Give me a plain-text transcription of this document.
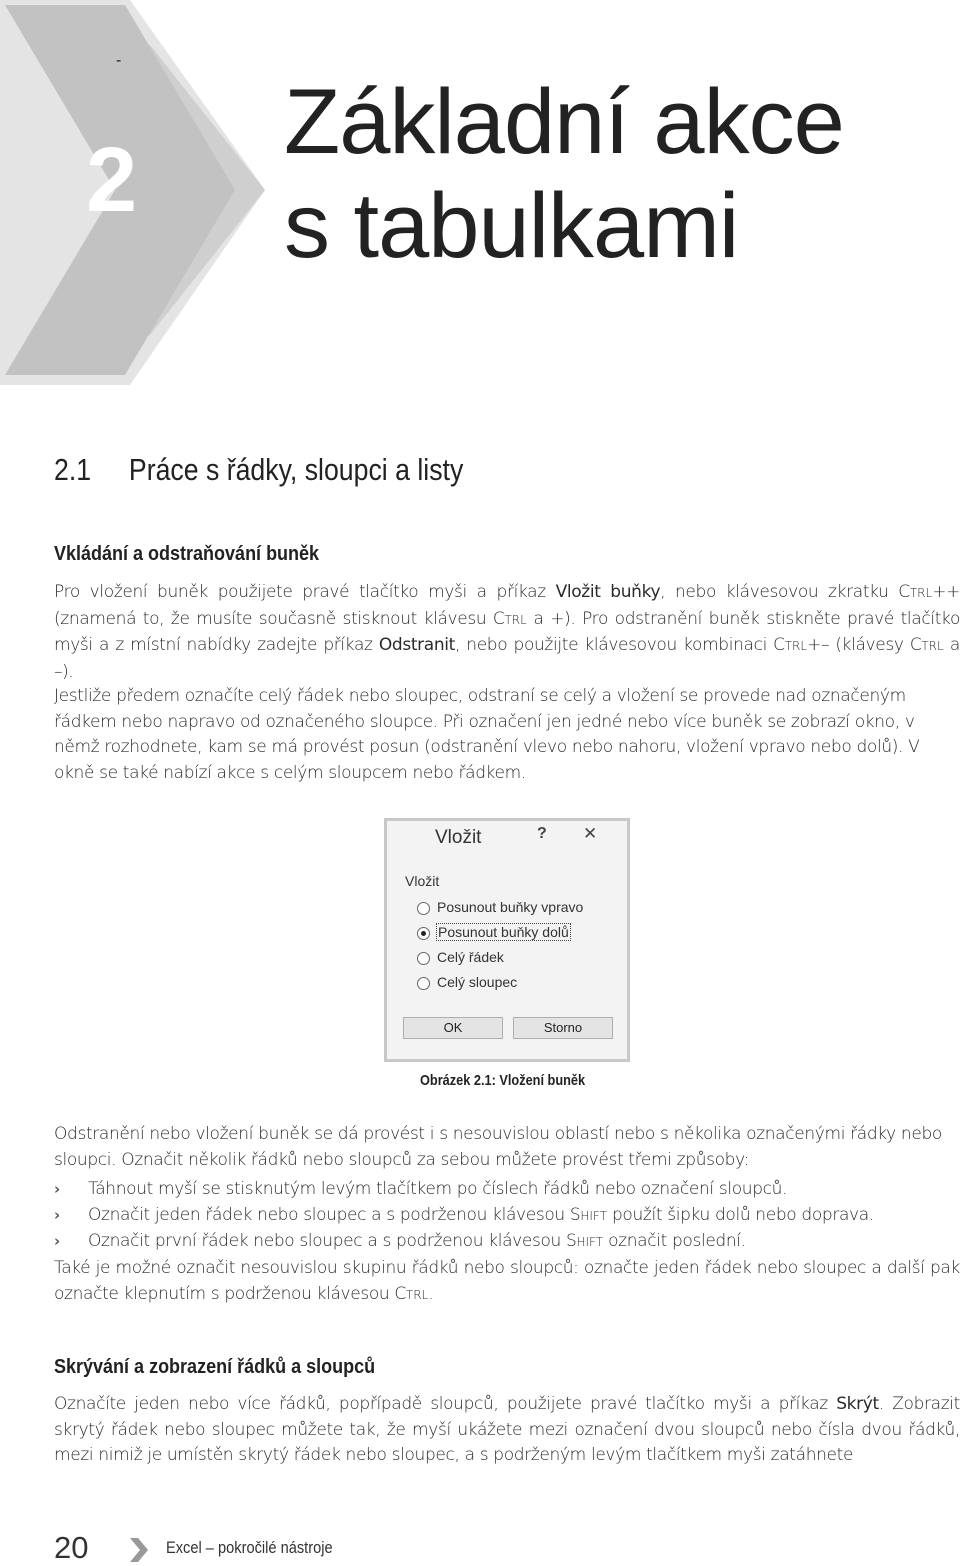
-
2
Základní akce
s tabulkami
2.1 Práce s řádky, sloupci a listy
Vkládání a odstraňování buněk

Pro vložení buněk použijete pravé tlačítko myši a příkaz Vložit buňky, nebo klávesovou zkratku CTRL++ (znamená to, že musíte současně stisknout klávesu CTRL a +). Pro odstranění buněk stiskněte pravé tlačítko myši a z místní nabídky zadejte příkaz Odstranit, nebo použijte klávesovou kombinaci CTRL+– (klávesy CTRL a –).

Jestliže předem označíte celý řádek nebo sloupec, odstraní se celý a vložení se provede nad označeným řádkem nebo napravo od označeného sloupce. Při označení jen jedné nebo více buněk se zobrazí okno, v němž rozhodnete, kam se má provést posun (odstranění vlevo nebo nahoru, vložení vpravo nebo dolů). V okně se také nabízí akce s celým sloupcem nebo řádkem.

Vložit	? ✕
Vložit
Posunout buňky vpravo
Posunout buňky dolů
Celý řádek
Celý sloupec
OK	Storno
Obrázek 2.1: Vložení buněk

Odstranění nebo vložení buněk se dá provést i s nesouvislou oblastí nebo s několika označenými řádky nebo sloupci. Označit několik řádků nebo sloupců za sebou můžete provést třemi způsoby:

› Táhnout myší se stisknutým levým tlačítkem po číslech řádků nebo označení sloupců.
› Označit jeden řádek nebo sloupec a s podrženou klávesou SHIFT použít šipku dolů nebo doprava.
› Označit první řádek nebo sloupec a s podrženou klávesou SHIFT označit poslední.

Také je možné označit nesouvislou skupinu řádků nebo sloupců: označte jeden řádek nebo sloupec a další pak označte klepnutím s podrženou klávesou CTRL.

Skrývání a zobrazení řádků a sloupců

Označíte jeden nebo více řádků, popřípadě sloupců, použijete pravé tlačítko myši a příkaz Skrýt. Zobrazit skrytý řádek nebo sloupec můžete tak, že myší ukážete mezi označení dvou sloupců nebo čísla dvou řádků, mezi nimiž je umístěn skrytý řádek nebo sloupec, a s podrženým levým tlačítkem myši zatáhnete

20	Excel – pokročilé nástroje
